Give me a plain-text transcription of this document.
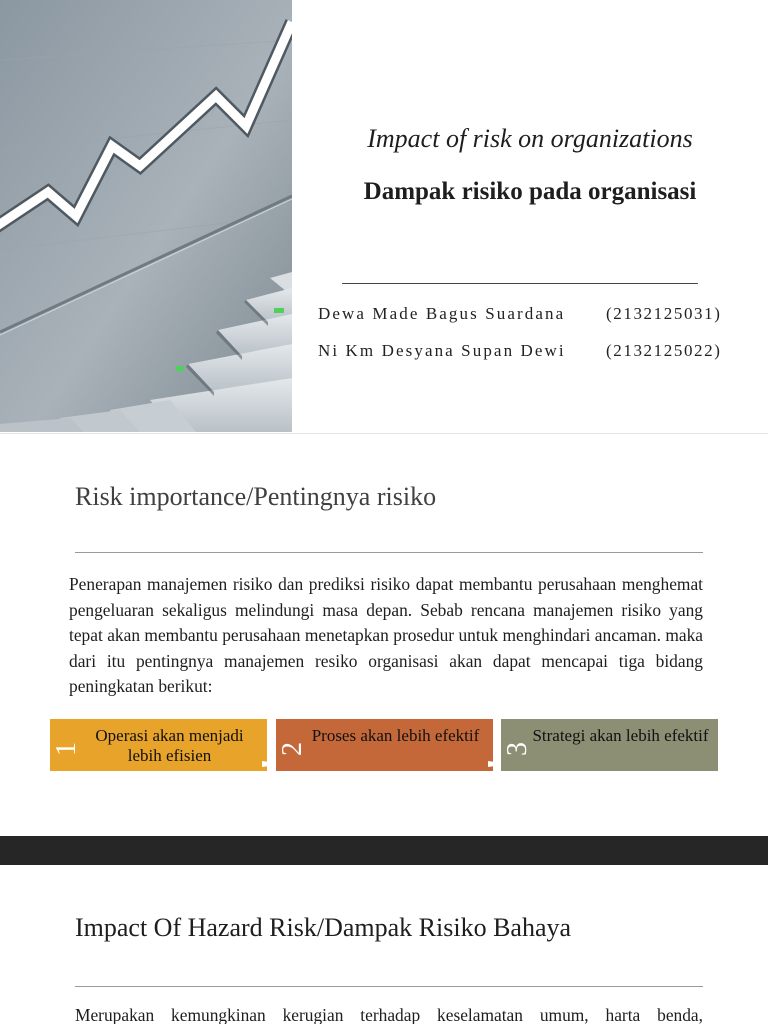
Impact of risk on organizations
Dampak risiko pada organisasi
Dewa Made Bagus Suardana (2132125031)
Ni Km Desyana Supan Dewi (2132125022)
Risk importance/Pentingnya risiko
Penerapan manajemen risiko dan prediksi risiko dapat membantu perusahaan menghemat pengeluaran sekaligus melindungi masa depan. Sebab rencana manajemen risiko yang tepat akan membantu perusahaan menetapkan prosedur untuk menghindari ancaman. maka dari itu pentingnya manajemen resiko organisasi akan dapat mencapai tiga bidang peningkatan berikut:
1
Operasi akan menjadi lebih efisien	2
Proses akan lebih efektif
3
Strategi akan lebih efektif
Impact Of Hazard Risk/Dampak Risiko Bahaya
Merupakan kemungkinan kerugian terhadap keselamatan umum, harta benda,
